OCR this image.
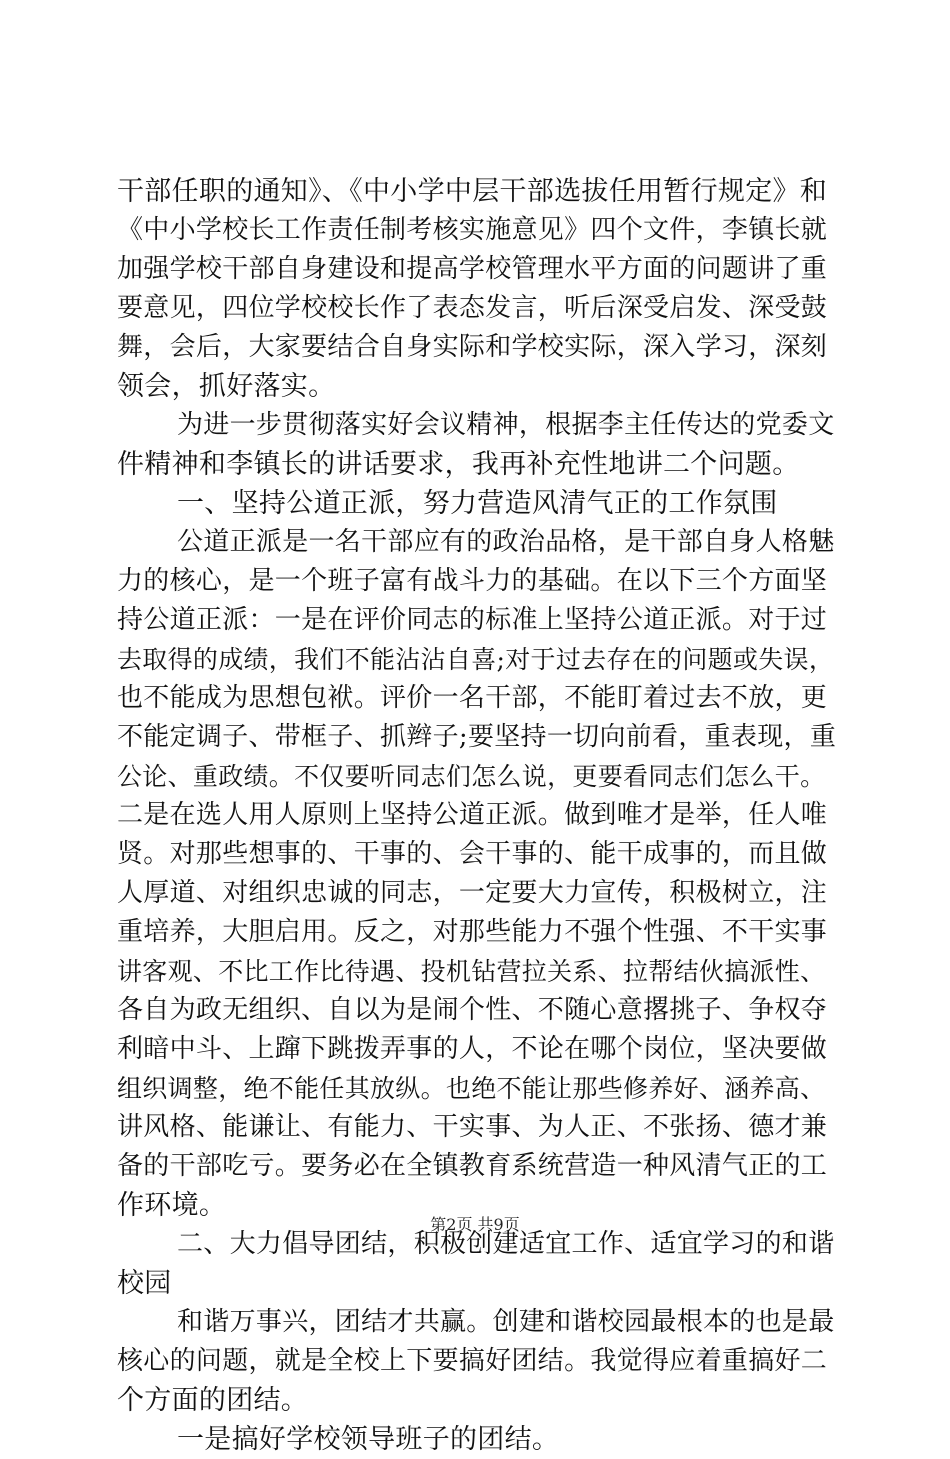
干部任职的通知》、《中小学中层干部选拔任用暂行规定》和
《中小学校长工作责任制考核实施意见》四个文件，李镇长就
加强学校干部自身建设和提高学校管理水平方面的问题讲了重
要意见，四位学校校长作了表态发言，听后深受启发、深受鼓
舞，会后，大家要结合自身实际和学校实际，深入学习，深刻
领会，抓好落实。
为进一步贯彻落实好会议精神，根据李主任传达的党委文
件精神和李镇长的讲话要求，我再补充性地讲二个问题。
一、坚持公道正派，努力营造风清气正的工作氛围
公道正派是一名干部应有的政治品格，是干部自身人格魅
力的核心，是一个班子富有战斗力的基础。在以下三个方面坚
持公道正派：一是在评价同志的标准上坚持公道正派。对于过
去取得的成绩，我们不能沾沾自喜;对于过去存在的问题或失误，
也不能成为思想包袱。评价一名干部，不能盯着过去不放，更
不能定调子、带框子、抓辫子;要坚持一切向前看，重表现，重
公论、重政绩。不仅要听同志们怎么说，更要看同志们怎么干。
二是在选人用人原则上坚持公道正派。做到唯才是举，任人唯
贤。对那些想事的、干事的、会干事的、能干成事的，而且做
人厚道、对组织忠诚的同志，一定要大力宣传，积极树立，注
重培养，大胆启用。反之，对那些能力不强个性强、不干实事
讲客观、不比工作比待遇、投机钻营拉关系、拉帮结伙搞派性、
各自为政无组织、自以为是闹个性、不随心意撂挑子、争权夺
利暗中斗、上蹿下跳拨弄事的人，不论在哪个岗位，坚决要做
组织调整，绝不能任其放纵。也绝不能让那些修养好、涵养高、
讲风格、能谦让、有能力、干实事、为人正、不张扬、德才兼
备的干部吃亏。要务必在全镇教育系统营造一种风清气正的工
作环境。
二、大力倡导团结，积极创建适宜工作、适宜学习的和谐
校园
和谐万事兴，团结才共赢。创建和谐校园最根本的也是最
核心的问题，就是全校上下要搞好团结。我觉得应着重搞好二
个方面的团结。
一是搞好学校领导班子的团结。
第2页 共9页
